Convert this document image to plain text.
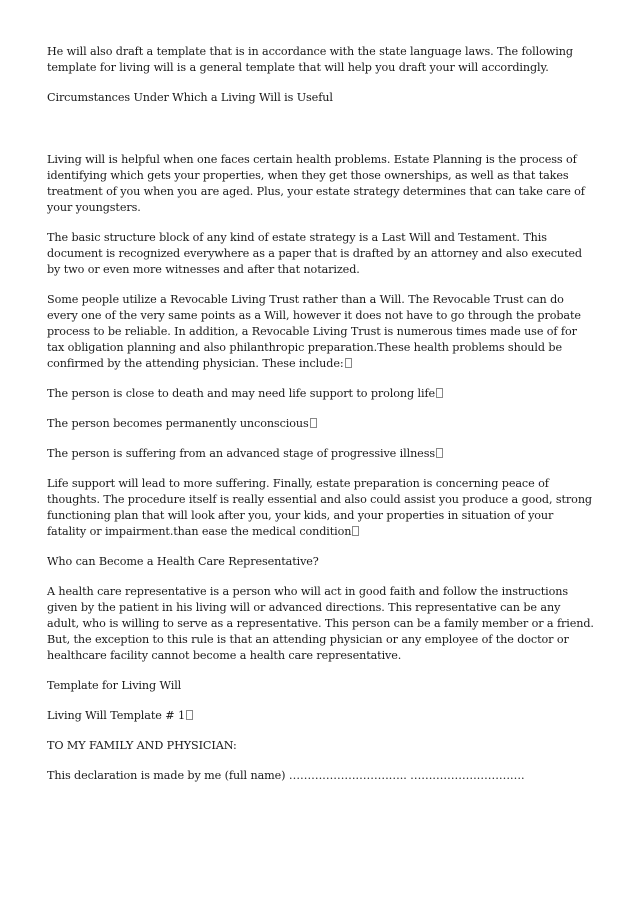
He will also draft a template that is in accordance with the state language laws. The following template for living will is a general template that will help you draft your will accordingly.

Circumstances Under Which a Living Will is Useful

Living will is helpful when one faces certain health problems. Estate Planning is the process of identifying which gets your properties, when they get those ownerships, as well as that takes treatment of you when you are aged. Plus, your estate strategy determines that can take care of your youngsters.

The basic structure block of any kind of estate strategy is a Last Will and Testament. This document is recognized everywhere as a paper that is drafted by an attorney and also executed by two or even more witnesses and after that notarized.

Some people utilize a Revocable Living Trust rather than a Will. The Revocable Trust can do every one of the very same points as a Will, however it does not have to go through the probate process to be reliable. In addition, a Revocable Living Trust is numerous times made use of for tax obligation planning and also philanthropic preparation.These health problems should be confirmed by the attending physician. These include:

The person is close to death and may need life support to prolong life

The person becomes permanently unconscious

The person is suffering from an advanced stage of progressive illness

Life support will lead to more suffering. Finally, estate preparation is concerning peace of thoughts. The procedure itself is really essential and also could assist you produce a good, strong functioning plan that will look after you, your kids, and your properties in situation of your fatality or impairment.than ease the medical condition

Who can Become a Health Care Representative?

A health care representative is a person who will act in good faith and follow the instructions given by the patient in his living will or advanced directions. This representative can be any adult, who is willing to serve as a representative. This person can be a family member or a friend. But, the exception to this rule is that an attending physician or any employee of the doctor or healthcare facility cannot become a health care representative.

Template for Living Will

Living Will Template # 1

TO MY FAMILY AND PHYSICIAN:

This declaration is made by me (full name) ………………………….. ………………………….
